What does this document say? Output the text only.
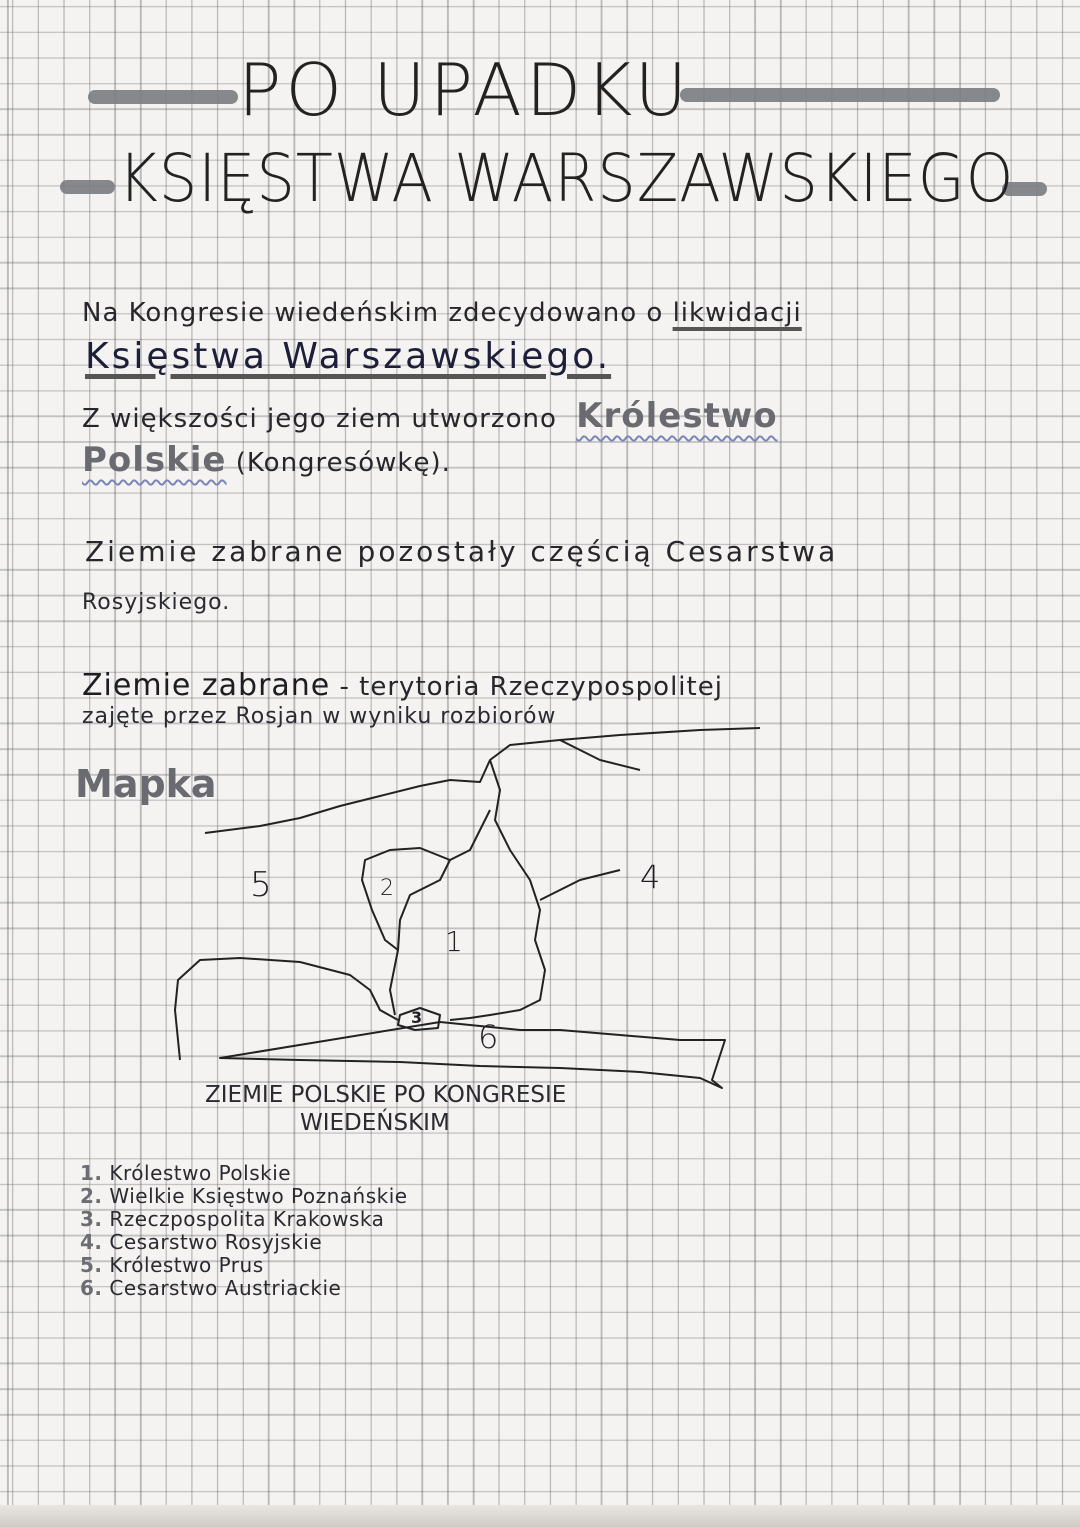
PO UPADKU
KSIĘSTWA WARSZAWSKIEGO
Na Kongresie wiedeńskim zdecydowano o likwidacji
Księstwa Warszawskiego.
Z większości jego ziem utworzono Królestwo
Polskie (Kongresówkę).
Ziemie zabrane pozostały częścią Cesarstwa
Rosyjskiego.
Ziemie zabrane - terytoria Rzeczypospolitej
zajęte przez Rosjan w wyniku rozbiorów
Mapka
5	2	4
1
3
6
ZIEMIE POLSKIE PO KONGRESIE
WIEDEŃSKIM
1. Królestwo Polskie
2. Wielkie Księstwo Poznańskie
3. Rzeczpospolita Krakowska
4. Cesarstwo Rosyjskie
5. Królestwo Prus
6. Cesarstwo Austriackie
